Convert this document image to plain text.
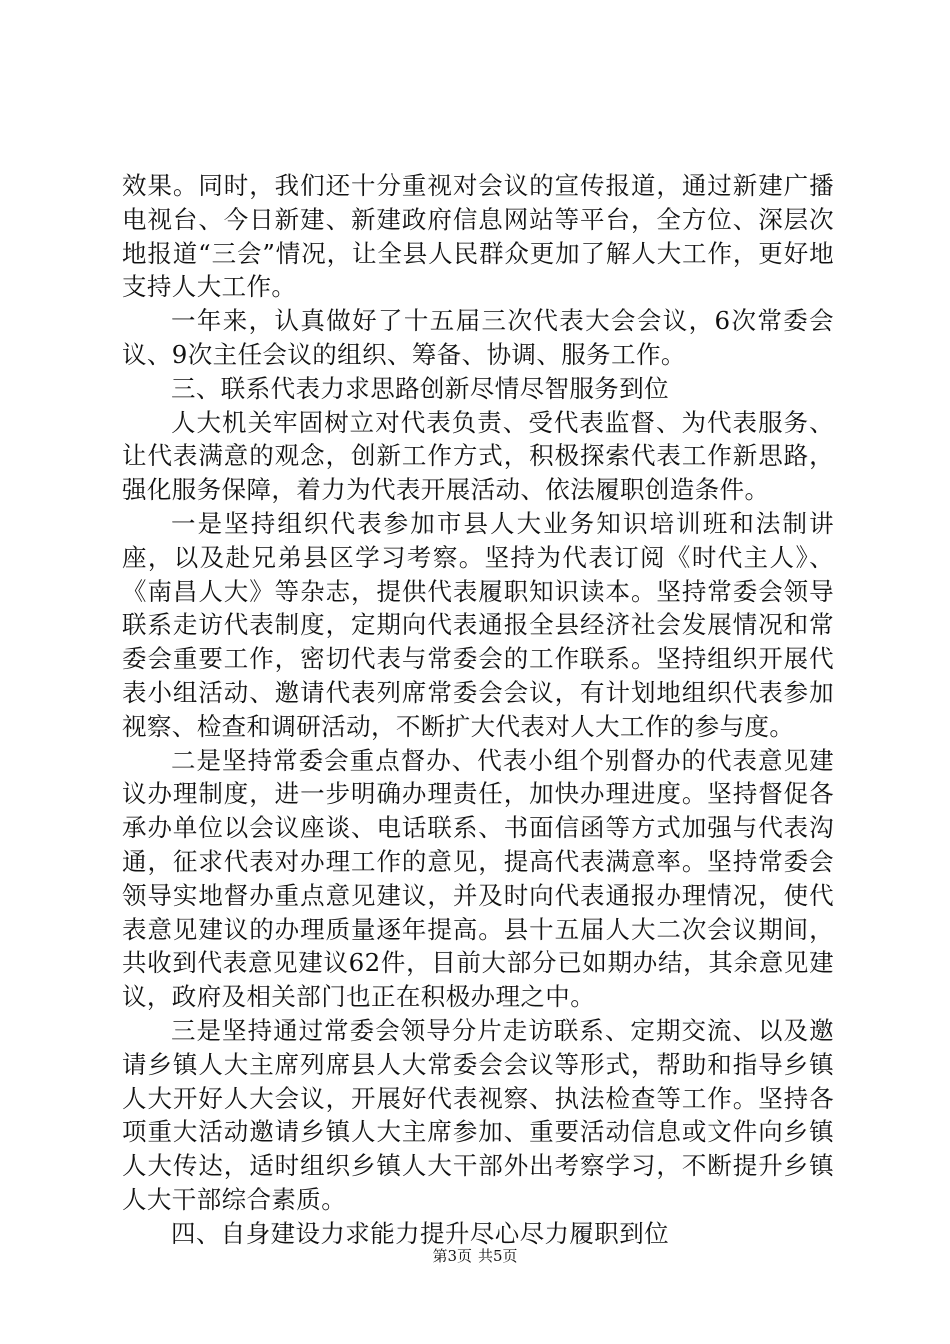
效果。同时，我们还十分重视对会议的宣传报道，通过新建广播电视台、今日新建、新建政府信息网站等平台，全方位、深层次地报道“三会”情况，让全县人民群众更加了解人大工作，更好地支持人大工作。

一年来，认真做好了十五届三次代表大会会议，6次常委会议、9次主任会议的组织、筹备、协调、服务工作。

三、联系代表力求思路创新尽情尽智服务到位

人大机关牢固树立对代表负责、受代表监督、为代表服务、让代表满意的观念，创新工作方式，积极探索代表工作新思路，强化服务保障，着力为代表开展活动、依法履职创造条件。

一是坚持组织代表参加市县人大业务知识培训班和法制讲座，以及赴兄弟县区学习考察。坚持为代表订阅《时代主人》、《南昌人大》等杂志，提供代表履职知识读本。坚持常委会领导联系走访代表制度，定期向代表通报全县经济社会发展情况和常委会重要工作，密切代表与常委会的工作联系。坚持组织开展代表小组活动、邀请代表列席常委会会议，有计划地组织代表参加视察、检查和调研活动，不断扩大代表对人大工作的参与度。

二是坚持常委会重点督办、代表小组个别督办的代表意见建议办理制度，进一步明确办理责任，加快办理进度。坚持督促各承办单位以会议座谈、电话联系、书面信函等方式加强与代表沟通，征求代表对办理工作的意见，提高代表满意率。坚持常委会领导实地督办重点意见建议，并及时向代表通报办理情况，使代表意见建议的办理质量逐年提高。县十五届人大二次会议期间，共收到代表意见建议62件，目前大部分已如期办结，其余意见建议，政府及相关部门也正在积极办理之中。

三是坚持通过常委会领导分片走访联系、定期交流、以及邀请乡镇人大主席列席县人大常委会会议等形式，帮助和指导乡镇人大开好人大会议，开展好代表视察、执法检查等工作。坚持各项重大活动邀请乡镇人大主席参加、重要活动信息或文件向乡镇人大传达，适时组织乡镇人大干部外出考察学习，不断提升乡镇人大干部综合素质。

四、自身建设力求能力提升尽心尽力履职到位

第3页 共5页
